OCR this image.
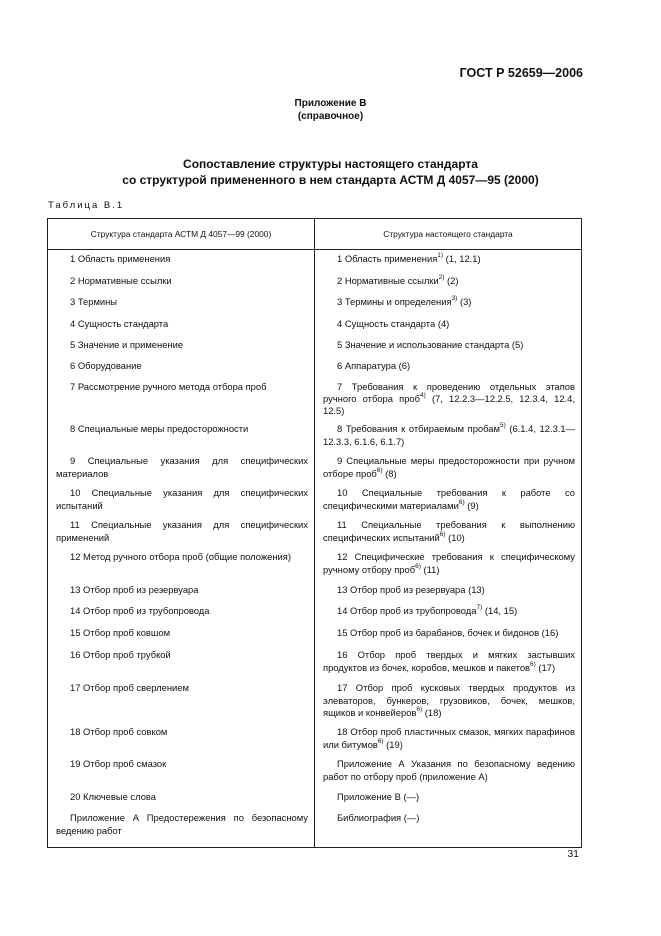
ГОСТ Р 52659—2006
Приложение В
(справочное)
Сопоставление структуры настоящего стандарта
со структурой примененного в нем стандарта АСТМ Д 4057—95 (2000)
Таблица В.1
Структура стандарта АСТМ Д 4057—99 (2000)	Структура настоящего стандарта

1 Область применения	1 Область применения$^{1)}$ (1, 12.1)

2 Нормативные ссылки	2 Нормативные ссылки$^{2)}$ (2)

3 Термины	3 Термины и определения$^{3)}$ (3)

4 Сущность стандарта	4 Сущность стандарта (4)

5 Значение и применение	5 Значение и использование стандарта (5)

6 Оборудование	6 Аппаратура (6)

7 Рассмотрение ручного метода отбора проб	7 Требования к проведению отдельных этапов ручного отбора проб$^{4)}$ (7, 12.2.3—12.2.5, 12.3.4, 12.4, 12.5)

8 Специальные меры предосторожности	8 Требования к отбираемым пробам$^{5)}$ (6.1.4, 12.3.1—12.3.3, 6.1.6, 6.1.7)

9 Специальные указания для специфических материалов	9 Специальные меры предосторожности при ручном отборе проб$^{6)}$ (8)

10 Специальные указания для специфических испытаний	10 Специальные требования к работе со специфическими материалами$^{6)}$ (9)

11 Специальные указания для специфических применений	11 Специальные требования к выполнению специфических испытаний$^{6)}$ (10)

12 Метод ручного отбора проб (общие положения)	12 Специфические требования к специфическому ручному отбору проб$^{6)}$ (11)

13 Отбор проб из резервуара	13 Отбор проб из резервуара (13)

14 Отбор проб из трубопровода	14 Отбор проб из трубопровода$^{7)}$ (14, 15)

15 Отбор проб ковшом	15 Отбор проб из барабанов, бочек и бидонов (16)

16 Отбор проб трубкой	16 Отбор проб твердых и мягких застывших продуктов из бочек, коробов, мешков и пакетов$^{6)}$ (17)

17 Отбор проб сверлением	17 Отбор проб кусковых твердых продуктов из элеваторов, бункеров, грузовиков, бочек, мешков, ящиков и конвейеров$^{6)}$ (18)

18 Отбор проб совком	18 Отбор проб пластичных смазок, мягких парафинов или битумов$^{6)}$ (19)

19 Отбор проб смазок	Приложение А Указания по безопасному ведению работ по отбору проб (приложение А)

20 Ключевые слова	Приложение В (—)

Приложение А Предостережения по безопасному ведению работ	Библиография (—)
31
